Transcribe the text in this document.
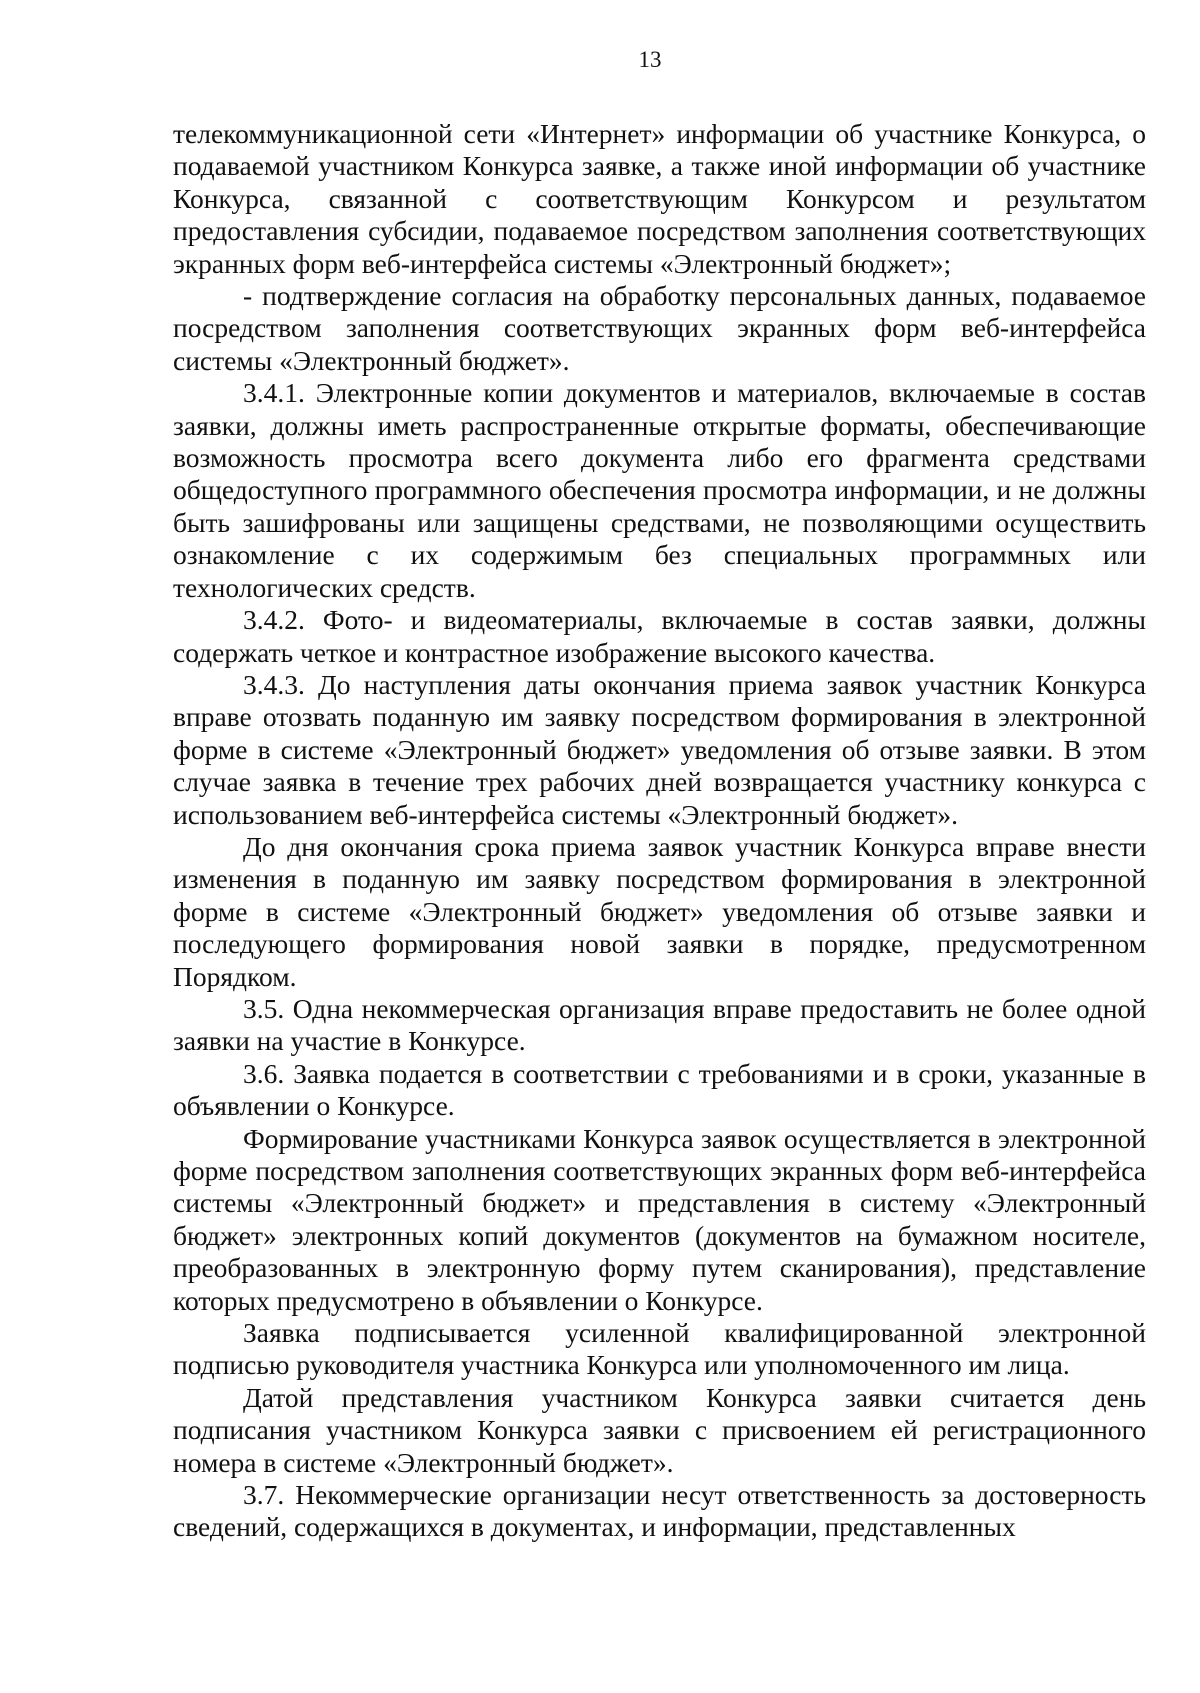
13

телекоммуникационной сети «Интернет» информации об участнике Конкурса, о подаваемой участником Конкурса заявке, а также иной информации об участнике Конкурса, связанной с соответствующим Конкурсом и результатом предоставления субсидии, подаваемое посредством заполнения соответствующих экранных форм веб-интерфейса системы «Электронный бюджет»;

- подтверждение согласия на обработку персональных данных, подаваемое посредством заполнения соответствующих экранных форм веб-интерфейса системы «Электронный бюджет».

3.4.1. Электронные копии документов и материалов, включаемые в состав заявки, должны иметь распространенные открытые форматы, обеспечивающие возможность просмотра всего документа либо его фрагмента средствами общедоступного программного обеспечения просмотра информации, и не должны быть зашифрованы или защищены средствами, не позволяющими осуществить ознакомление с их содержимым без специальных программных или технологических средств.

3.4.2. Фото- и видеоматериалы, включаемые в состав заявки, должны содержать четкое и контрастное изображение высокого качества.

3.4.3. До наступления даты окончания приема заявок участник Конкурса вправе отозвать поданную им заявку посредством формирования в электронной форме в системе «Электронный бюджет» уведомления об отзыве заявки. В этом случае заявка в течение трех рабочих дней возвращается участнику конкурса с использованием веб-интерфейса системы «Электронный бюджет».

До дня окончания срока приема заявок участник Конкурса вправе внести изменения в поданную им заявку посредством формирования в электронной форме в системе «Электронный бюджет» уведомления об отзыве заявки и последующего формирования новой заявки в порядке, предусмотренном Порядком.

3.5. Одна некоммерческая организация вправе предоставить не более одной заявки на участие в Конкурсе.

3.6. Заявка подается в соответствии с требованиями и в сроки, указанные в объявлении о Конкурсе.

Формирование участниками Конкурса заявок осуществляется в электронной форме посредством заполнения соответствующих экранных форм веб-интерфейса системы «Электронный бюджет» и представления в систему «Электронный бюджет» электронных копий документов (документов на бумажном носителе, преобразованных в электронную форму путем сканирования), представление которых предусмотрено в объявлении о Конкурсе.

Заявка подписывается усиленной квалифицированной электронной подписью руководителя участника Конкурса или уполномоченного им лица.

Датой представления участником Конкурса заявки считается день подписания участником Конкурса заявки с присвоением ей регистрационного номера в системе «Электронный бюджет».

3.7. Некоммерческие организации несут ответственность за достоверность сведений, содержащихся в документах, и информации, представленных
